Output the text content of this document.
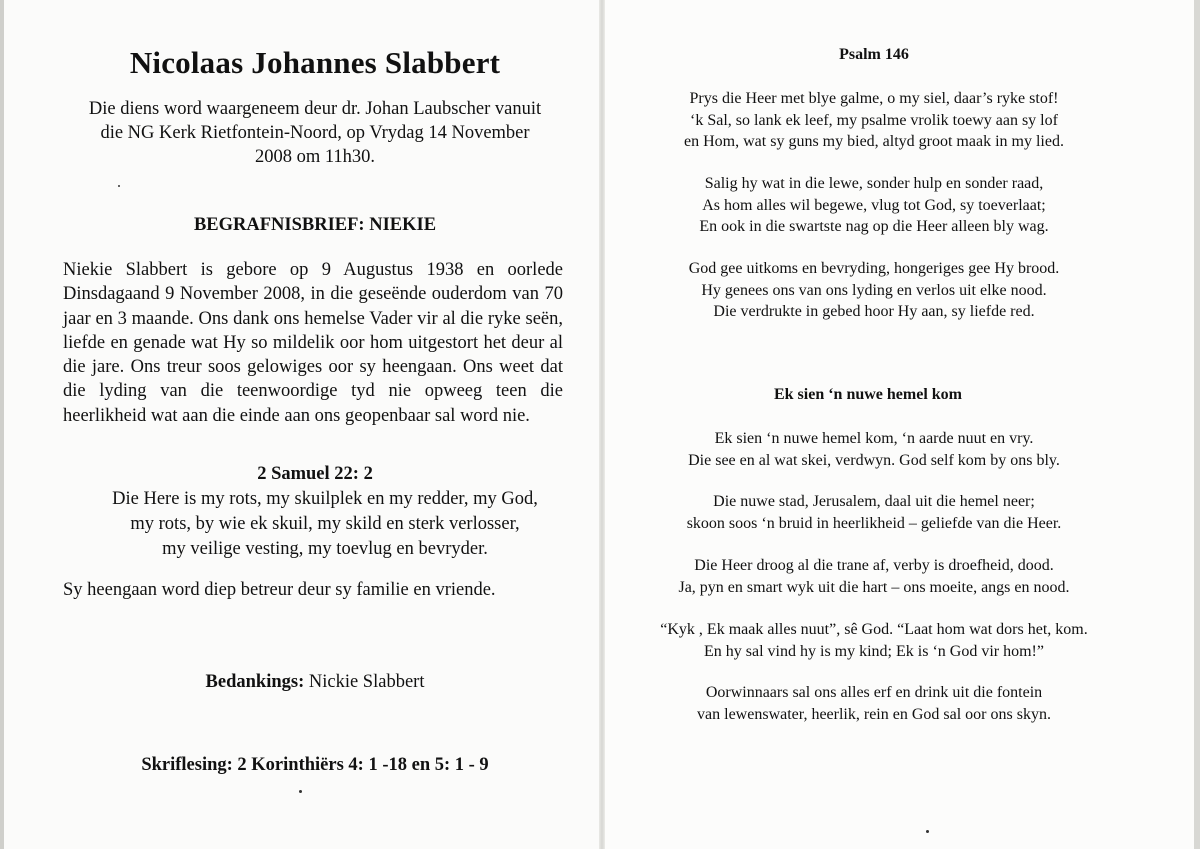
Nicolaas Johannes Slabbert
Die diens word waargeneem deur dr. Johan Laubscher vanuit
die NG Kerk Rietfontein-Noord, op Vrydag 14 November
2008 om 11h30.
BEGRAFNISBRIEF: NIEKIE
Niekie Slabbert is gebore op 9 Augustus 1938 en oorlede Dinsdagaand 9 November 2008, in die geseënde ouderdom van 70 jaar en 3 maande. Ons dank ons hemelse Vader vir al die ryke seën, liefde en genade wat Hy so mildelik oor hom uitgestort het deur al die jare. Ons treur soos gelowiges oor sy heengaan. Ons weet dat die lyding van die teenwoordige tyd nie opweeg teen die heerlikheid wat aan die einde aan ons geopenbaar sal word nie.
2 Samuel 22: 2
Die Here is my rots, my skuilplek en my redder, my God,
my rots, by wie ek skuil, my skild en sterk verlosser,
my veilige vesting, my toevlug en bevryder.
Sy heengaan word diep betreur deur sy familie en vriende.
Bedankings: Nickie Slabbert
Skriflesing: 2 Korinthiërs 4: 1 -18 en 5: 1 - 9
Psalm 146
Prys die Heer met blye galme, o my siel, daar’s ryke stof!
‘k Sal, so lank ek leef, my psalme vrolik toewy aan sy lof
en Hom, wat sy guns my bied, altyd groot maak in my lied.
Salig hy wat in die lewe, sonder hulp en sonder raad,
As hom alles wil begewe, vlug tot God, sy toeverlaat;
En ook in die swartste nag op die Heer alleen bly wag.
God gee uitkoms en bevryding, hongeriges gee Hy brood.
Hy genees ons van ons lyding en verlos uit elke nood.
Die verdrukte in gebed hoor Hy aan, sy liefde red.
Ek sien ‘n nuwe hemel kom
Ek sien ‘n nuwe hemel kom, ‘n aarde nuut en vry.
Die see en al wat skei, verdwyn. God self kom by ons bly.
Die nuwe stad, Jerusalem, daal uit die hemel neer;
skoon soos ‘n bruid in heerlikheid – geliefde van die Heer.
Die Heer droog al die trane af, verby is droefheid, dood.
Ja, pyn en smart wyk uit die hart – ons moeite, angs en nood.
“Kyk , Ek maak alles nuut”, sê God. “Laat hom wat dors het, kom.
En hy sal vind hy is my kind; Ek is ‘n God vir hom!”
Oorwinnaars sal ons alles erf en drink uit die fontein
van lewenswater, heerlik, rein en God sal oor ons skyn.
